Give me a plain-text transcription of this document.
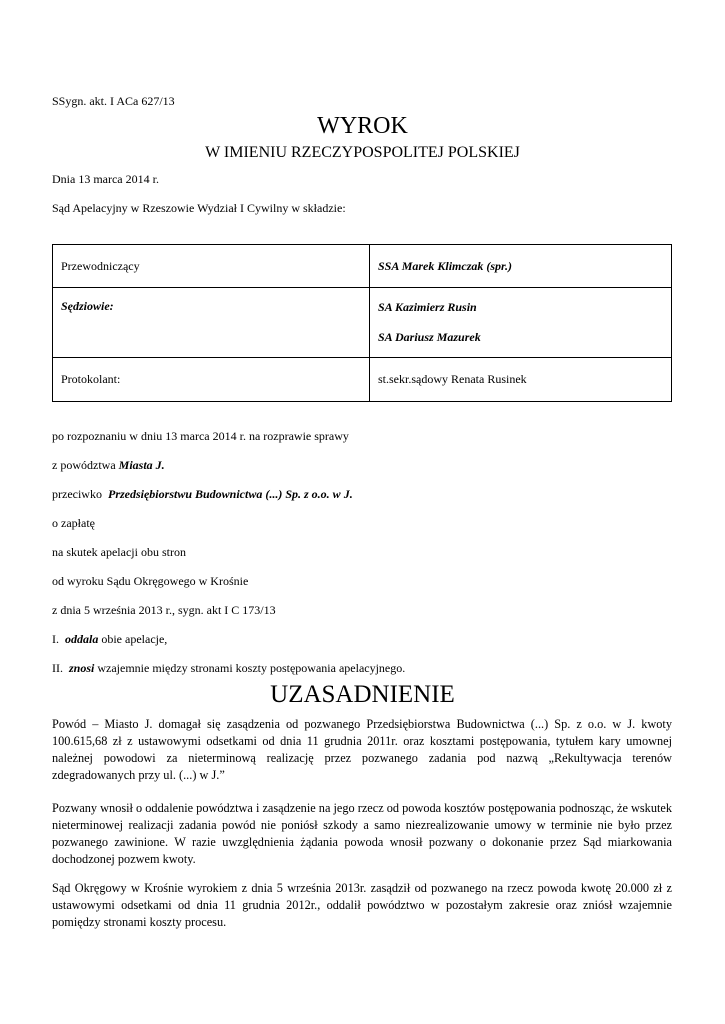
SSygn. akt. I ACa 627/13
WYROK
W IMIENIU RZECZYPOSPOLITEJ POLSKIEJ
Dnia 13 marca 2014 r.
Sąd Apelacyjny w Rzeszowie Wydział I Cywilny w składzie:
Przewodniczący	SSA Marek Klimczak (spr.)
Sędziowie:	SA Kazimierz Rusin
SA Dariusz Mazurek

Protokolant:	st.sekr.sądowy Renata Rusinek
po rozpoznaniu w dniu 13 marca 2014 r. na rozprawie sprawy
z powództwa Miasta J.
przeciwko  Przedsiębiorstwu Budownictwa (...) Sp. z o.o. w J.
o zapłatę
na skutek apelacji obu stron
od wyroku Sądu Okręgowego w Krośnie
z dnia 5 września 2013 r., sygn. akt I C 173/13
I.  oddala obie apelacje,
II.  znosi wzajemnie między stronami koszty postępowania apelacyjnego.
UZASADNIENIE
Powód – Miasto J. domagał się zasądzenia od pozwanego Przedsiębiorstwa Budownictwa (...) Sp. z o.o. w J. kwoty 100.615,68 zł z ustawowymi odsetkami od dnia 11 grudnia 2011r. oraz kosztami postępowania, tytułem kary umownej należnej powodowi za nieterminową realizację przez pozwanego zadania pod nazwą „Rekultywacja terenów zdegradowanych przy ul. (...) w J.”
Pozwany wnosił o oddalenie powództwa i zasądzenie na jego rzecz od powoda kosztów postępowania podnosząc, że wskutek nieterminowej realizacji zadania powód nie poniósł szkody a samo niezrealizowanie umowy w terminie nie było przez pozwanego zawinione. W razie uwzględnienia żądania powoda wnosił pozwany o dokonanie przez Sąd miarkowania dochodzonej pozwem kwoty.
Sąd Okręgowy w Krośnie wyrokiem z dnia 5 września 2013r. zasądził od pozwanego na rzecz powoda kwotę 20.000 zł z ustawowymi odsetkami od dnia 11 grudnia 2012r., oddalił powództwo w pozostałym zakresie oraz zniósł wzajemnie pomiędzy stronami koszty procesu.
